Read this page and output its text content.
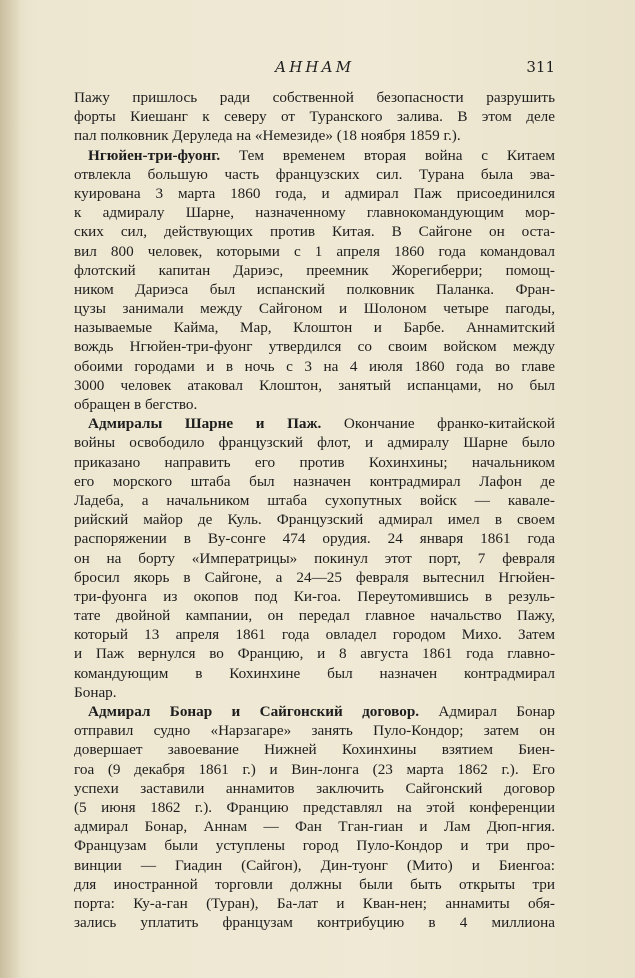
АННАМ	311
Пажу пришлось ради собственной безопасности разрушить
форты Киешанг к северу от Туранского залива. В этом деле
пал полковник Деруледа на «Немезиде» (18 ноября 1859 г.).
Нгюйен-три-фуонг. Тем временем вторая война с Китаем
отвлекла большую часть французских сил. Турана была эва-
куирована 3 марта 1860 года, и адмирал Паж присоединился
к адмиралу Шарне, назначенному главнокомандующим мор-
ских сил, действующих против Китая. В Сайгоне он оста-
вил 800 человек, которыми с 1 апреля 1860 года командовал
флотский капитан Дариэс, преемник Жорегиберри; помощ-
ником Дариэса был испанский полковник Паланка. Фран-
цузы занимали между Сайгоном и Шолоном четыре пагоды,
называемые Кайма, Мар, Клоштон и Барбе. Аннамитский
вождь Нгюйен-три-фуонг утвердился со своим войском между
обоими городами и в ночь с 3 на 4 июля 1860 года во главе
3000 человек атаковал Клоштон, занятый испанцами, но был
обращен в бегство.
Адмиралы Шарне и Паж. Окончание франко-китайской
войны освободило французский флот, и адмиралу Шарне было
приказано направить его против Кохинхины; начальником
его морского штаба был назначен контрадмирал Лафон де
Ладеба, а начальником штаба сухопутных войск — кавале-
рийский майор де Куль. Французский адмирал имел в своем
распоряжении в Ву-сонге 474 орудия. 24 января 1861 года
он на борту «Императрицы» покинул этот порт, 7 февраля
бросил якорь в Сайгоне, а 24—25 февраля вытеснил Нгюйен-
три-фуонга из окопов под Ки-гоа. Переутомившись в резуль-
тате двойной кампании, он передал главное начальство Пажу,
который 13 апреля 1861 года овладел городом Михо. Затем
и Паж вернулся во Францию, и 8 августа 1861 года главно-
командующим в Кохинхине был назначен контрадмирал
Бонар.
Адмирал Бонар и Сайгонский договор. Адмирал Бонар
отправил судно «Нарзагаре» занять Пуло-Кондор; затем он
довершает завоевание Нижней Кохинхины взятием Биен-
гоа (9 декабря 1861 г.) и Вин-лонга (23 марта 1862 г.). Его
успехи заставили аннамитов заключить Сайгонский договор
(5 июня 1862 г.). Францию представлял на этой конференции
адмирал Бонар, Аннам — Фан Тган-гиан и Лам Дюп-нгия.
Французам были уступлены город Пуло-Кондор и три про-
винции — Гиадин (Сайгон), Дин-туонг (Мито) и Биенгоа:
для иностранной торговли должны были быть открыты три
порта: Ку-а-ган (Туран), Ба-лат и Кван-нен; аннамиты обя-
зались уплатить французам контрибуцию в 4 миллиона
